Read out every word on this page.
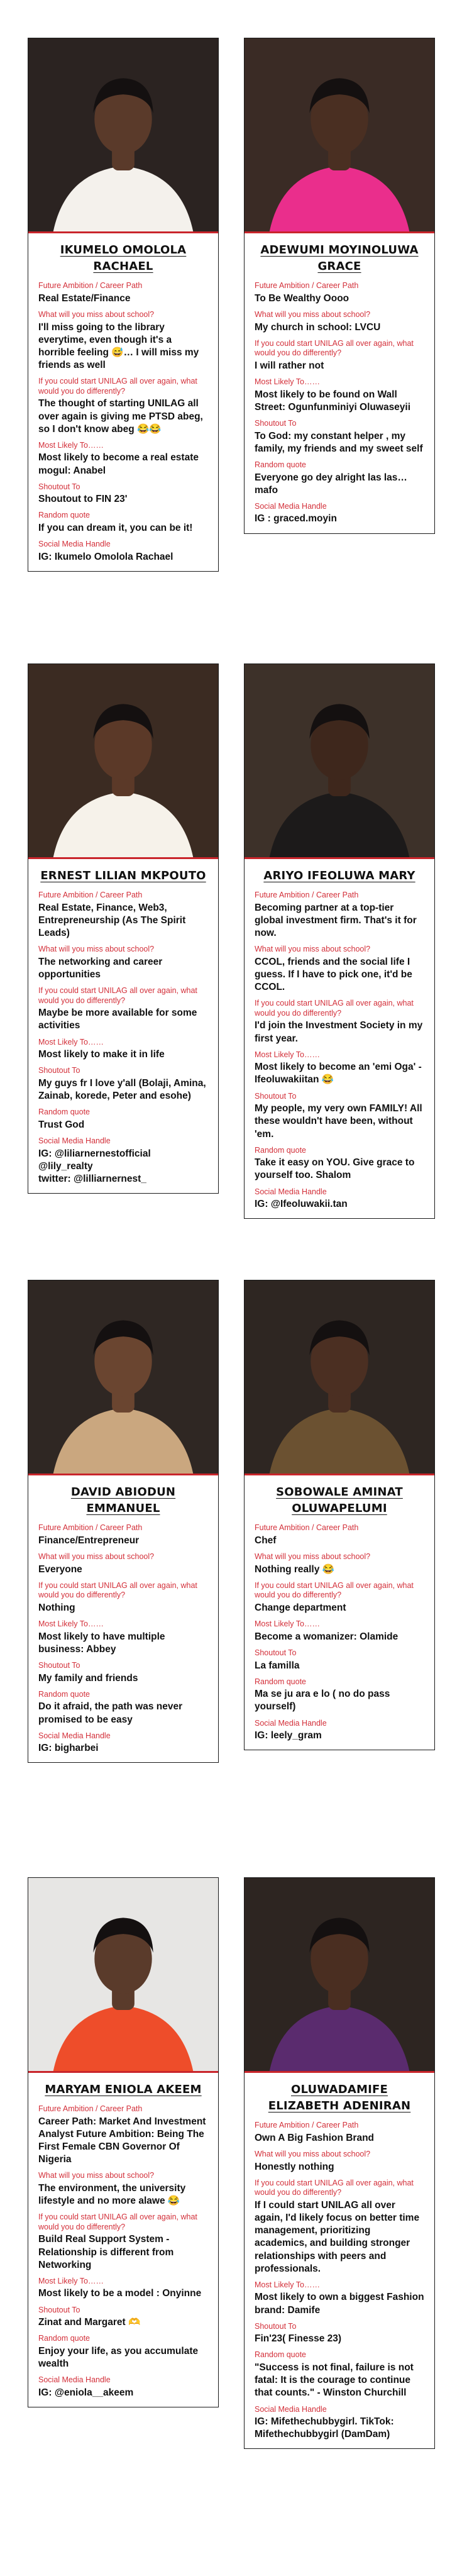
IKUMELO OMOLOLA RACHAEL
Future Ambition / Career Path
Real Estate/Finance
What will you miss about school?
I'll miss going to the library everytime, even though it's a horrible feeling 😅… I will miss my friends as well
If you could start UNILAG all over again, what would you do differently?
The thought of starting UNILAG all over again is giving me PTSD abeg, so I don't know abeg 😂😂
Most Likely To……
Most likely to become a real estate mogul: Anabel
Shoutout To
Shoutout to FIN 23'
Random quote
If you can dream it, you can be it!
Social Media Handle
IG: Ikumelo Omolola Rachael
ADEWUMI MOYINOLUWA GRACE
Future Ambition / Career Path
To Be Wealthy Oooo
What will you miss about school?
My church in school: LVCU
If you could start UNILAG all over again, what would you do differently?
I will rather not
Most Likely To……
Most likely to be found on Wall Street: Ogunfunminiyi Oluwaseyii
Shoutout To
To God: my constant helper , my family, my friends and my sweet self
Random quote
Everyone go dey alright las las… mafo
Social Media Handle
IG : graced.moyin
ERNEST LILIAN MKPOUTO
Future Ambition / Career Path
Real Estate, Finance, Web3, Entrepreneurship (As The Spirit Leads)
What will you miss about school?
The networking and career opportunities
If you could start UNILAG all over again, what would you do differently?
Maybe be more available for some activities
Most Likely To……
Most likely to make it in life
Shoutout To
My guys fr I love y'all (Bolaji, Amina, Zainab, korede, Peter and esohe)
Random quote
Trust God
Social Media Handle
IG: @liliarnernestofficial
@lily_realty
twitter: @lilliarnernest_
ARIYO IFEOLUWA MARY
Future Ambition / Career Path
Becoming partner at a top-tier global investment firm. That's it for now.
What will you miss about school?
CCOL, friends and the social life I guess. If I have to pick one, it'd be CCOL.
If you could start UNILAG all over again, what would you do differently?
I'd join the Investment Society in my first year.
Most Likely To……
Most likely to become an 'emi Oga' - Ifeoluwakiitan 😂
Shoutout To
My people, my very own FAMILY! All these wouldn't have been, without 'em.
Random quote
Take it easy on YOU. Give grace to yourself too. Shalom
Social Media Handle
IG: @Ifeoluwakii.tan
DAVID ABIODUN EMMANUEL
Future Ambition / Career Path
Finance/Entrepreneur
What will you miss about school?
Everyone
If you could start UNILAG all over again, what would you do differently?
Nothing
Most Likely To……
Most likely to have multiple business: Abbey
Shoutout To
My family and friends
Random quote
Do it afraid, the path was never promised to be easy
Social Media Handle
IG: bigharbei
SOBOWALE AMINAT OLUWAPELUMI
Future Ambition / Career Path
Chef
What will you miss about school?
Nothing really 😂
If you could start UNILAG all over again, what would you do differently?
Change department
Most Likely To……
Become a womanizer: Olamide
Shoutout To
La familla
Random quote
Ma se ju ara e lo ( no do pass yourself)
Social Media Handle
IG: leely_gram
MARYAM ENIOLA AKEEM
Future Ambition / Career Path
Career Path: Market And Investment Analyst Future Ambition: Being The First Female CBN Governor Of Nigeria
What will you miss about school?
The environment, the university lifestyle and no more alawe 😂
If you could start UNILAG all over again, what would you do differently?
Build Real Support System - Relationship is different from Networking
Most Likely To……
Most likely to be a model : Onyinne
Shoutout To
Zinat and Margaret 🫶
Random quote
Enjoy your life, as you accumulate wealth
Social Media Handle
IG: @eniola__akeem
OLUWADAMIFE ELIZABETH ADENIRAN
Future Ambition / Career Path
Own A Big Fashion Brand
What will you miss about school?
Honestly nothing
If you could start UNILAG all over again, what would you do differently?
If I could start UNILAG all over again, I'd likely focus on better time management, prioritizing academics, and building stronger relationships with peers and professionals.
Most Likely To……
Most likely to own a biggest Fashion brand: Damife
Shoutout To
Fin'23( Finesse 23)
Random quote
"Success is not final, failure is not fatal: It is the courage to continue that counts." - Winston Churchill
Social Media Handle
IG: Mifethechubbygirl. TikTok: Mifethechubbygirl (DamDam)
